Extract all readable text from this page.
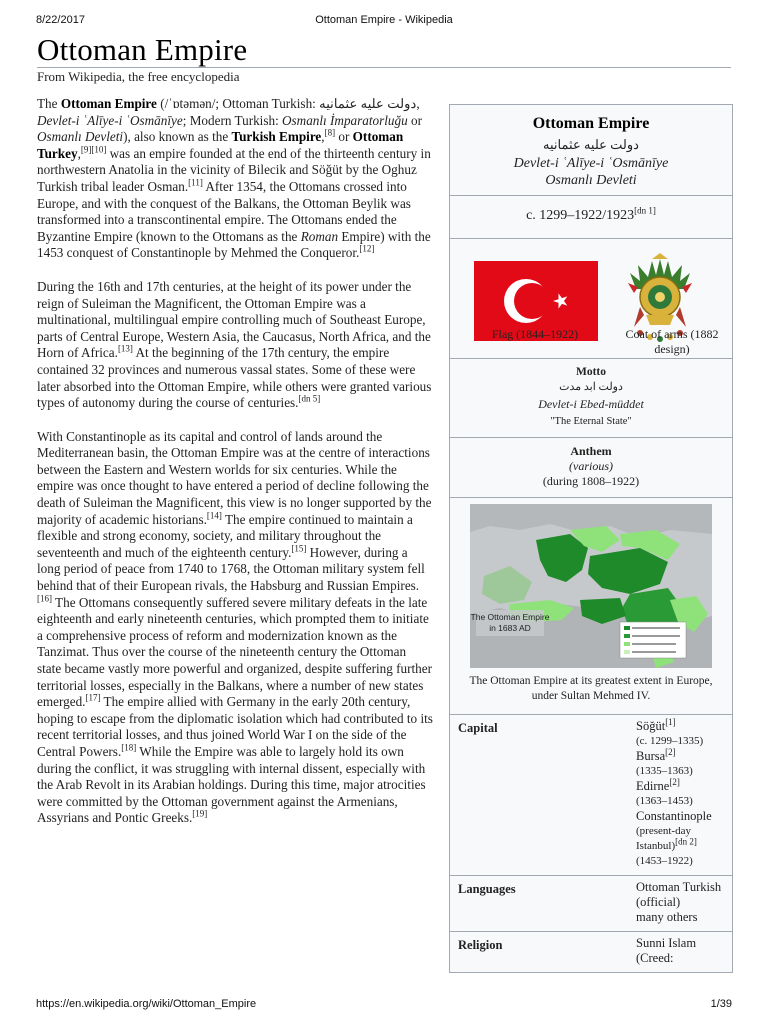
8/22/2017	Ottoman Empire - Wikipedia
Ottoman Empire
From Wikipedia, the free encyclopedia

The Ottoman Empire (/ˈɒtəmən/; Ottoman Turkish: دولت عليه عثمانیه, Devlet-i ʿAlīye-i ʿOsmānīye; Modern Turkish: Osmanlı İmparatorluğu or Osmanlı Devleti), also known as the Turkish Empire,[8] or Ottoman Turkey,[9][10] was an empire founded at the end of the thirteenth century in northwestern Anatolia in the vicinity of Bilecik and Söğüt by the Oghuz Turkish tribal leader Osman.[11] After 1354, the Ottomans crossed into Europe, and with the conquest of the Balkans, the Ottoman Beylik was transformed into a transcontinental empire. The Ottomans ended the Byzantine Empire (known to the Ottomans as the Roman Empire) with the 1453 conquest of Constantinople by Mehmed the Conqueror.[12]

During the 16th and 17th centuries, at the height of its power under the reign of Suleiman the Magnificent, the Ottoman Empire was a multinational, multilingual empire controlling much of Southeast Europe, parts of Central Europe, Western Asia, the Caucasus, North Africa, and the Horn of Africa.[13] At the beginning of the 17th century, the empire contained 32 provinces and numerous vassal states. Some of these were later absorbed into the Ottoman Empire, while others were granted various types of autonomy during the course of centuries.[dn 5]

With Constantinople as its capital and control of lands around the Mediterranean basin, the Ottoman Empire was at the centre of interactions between the Eastern and Western worlds for six centuries. While the empire was once thought to have entered a period of decline following the death of Suleiman the Magnificent, this view is no longer supported by the majority of academic historians.[14] The empire continued to maintain a flexible and strong economy, society, and military throughout the seventeenth and much of the eighteenth century.[15] However, during a long period of peace from 1740 to 1768, the Ottoman military system fell behind that of their European rivals, the Habsburg and Russian Empires.[16] The Ottomans consequently suffered severe military defeats in the late eighteenth and early nineteenth centuries, which prompted them to initiate a comprehensive process of reform and modernization known as the Tanzimat. Thus over the course of the nineteenth century the Ottoman state became vastly more powerful and organized, despite suffering further territorial losses, especially in the Balkans, where a number of new states emerged.[17] The empire allied with Germany in the early 20th century, hoping to escape from the diplomatic isolation which had contributed to its recent territorial losses, and thus joined World War I on the side of the Central Powers.[18] While the Empire was able to largely hold its own during the conflict, it was struggling with internal dissent, especially with the Arab Revolt in its Arabian holdings. During this time, major atrocities were committed by the Ottoman government against the Armenians, Assyrians and Pontic Greeks.[19]

Ottoman Empire
دولت عليه عثمانیه
Devlet-i ʿAlīye-i ʿOsmānīye
Osmanlı Devleti
c. 1299–1922/1923[dn 1]
Flag (1844–1922)	Coat of arms (1882 design)
Motto
دولت ابد مدت
Devlet-i Ebed-müddet
"The Eternal State"
Anthem
(various)
(during 1808–1922)
The Ottoman Empire
in 1683 AD
The Ottoman Empire at its greatest extent in Europe, under Sultan Mehmed IV.
Capital	Söğüt[1]
(c. 1299–1335)
Bursa[2]
(1335–1363)
Edirne[2]
(1363–1453)
Constantinople
(present-day Istanbul)[dn 2]
(1453–1922)
Languages	Ottoman Turkish
(official)
many others
Religion	Sunni Islam
(Creed:
https://en.wikipedia.org/wiki/Ottoman_Empire	1/39
